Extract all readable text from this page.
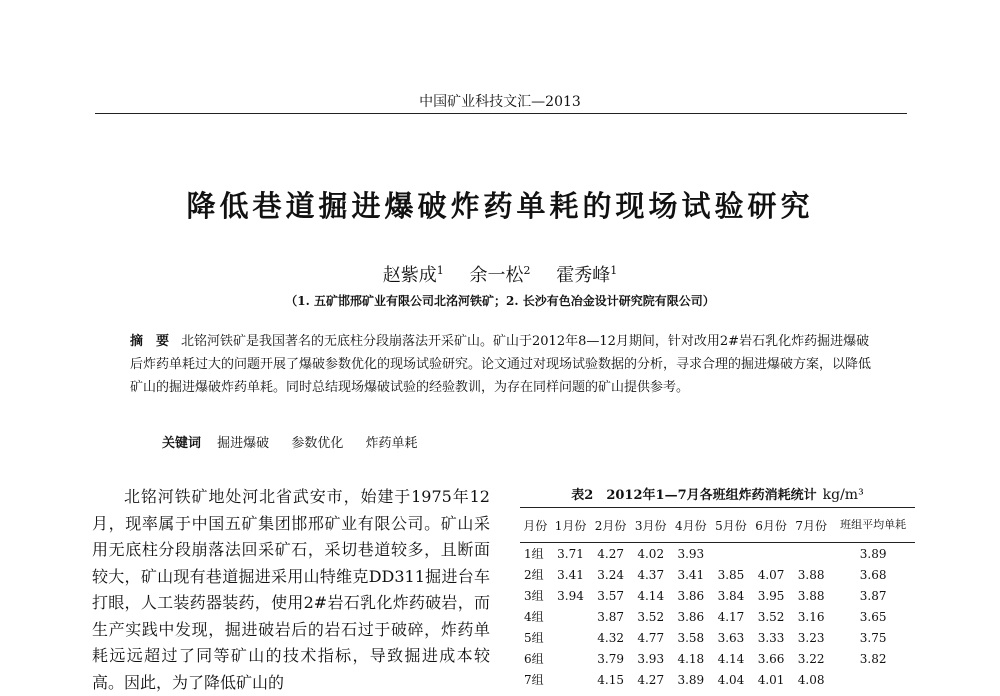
中国矿业科技文汇—2013
降低巷道掘进爆破炸药单耗的现场试验研究
赵紫成$^1$ 余一松$^2$ 霍秀峰$^1$
（1. 五矿邯邢矿业有限公司北洺河铁矿；2. 长沙有色冶金设计研究院有限公司）
摘　要 北铭河铁矿是我国著名的无底柱分段崩落法开采矿山。矿山于2012年8—12月期间，针对改用2#岩石乳化炸药掘进爆破后炸药单耗过大的问题开展了爆破参数优化的现场试验研究。论文通过对现场试验数据的分析，寻求合理的掘进爆破方案，以降低矿山的掘进爆破炸药单耗。同时总结现场爆破试验的经验教训，为存在同样问题的矿山提供参考。
关键词 掘进爆破 参数优化 炸药单耗
北铭河铁矿地处河北省武安市，始建于1975年12月，现率属于中国五矿集团邯邢矿业有限公司。矿山采用无底柱分段崩落法回采矿石，采切巷道较多，且断面较大，矿山现有巷道掘进采用山特维克DD311掘进台车打眼，人工装药器装药，使用2#岩石乳化炸药破岩，而生产实践中发现，掘进破岩后的岩石过于破碎，炸药单耗远远超过了同等矿山的技术指标，导致掘进成本较高。因此，为了降低矿山的
表2　2012年1—7月各班组炸药消耗统计 kg/m³
月份	1月份	2月份	3月份	4月份	5月份	6月份	7月份	班组平均单耗
1组	3.71	4.27	4.02	3.93				3.89
2组	3.41	3.24	4.37	3.41	3.85	4.07	3.88	3.68
3组	3.94	3.57	4.14	3.86	3.84	3.95	3.88	3.87
4组		3.87	3.52	3.86	4.17	3.52	3.16	3.65
5组		4.32	4.77	3.58	3.63	3.33	3.23	3.75
6组		3.79	3.93	4.18	4.14	3.66	3.22	3.82
7组		4.15	4.27	3.89	4.04	4.01	4.08	
